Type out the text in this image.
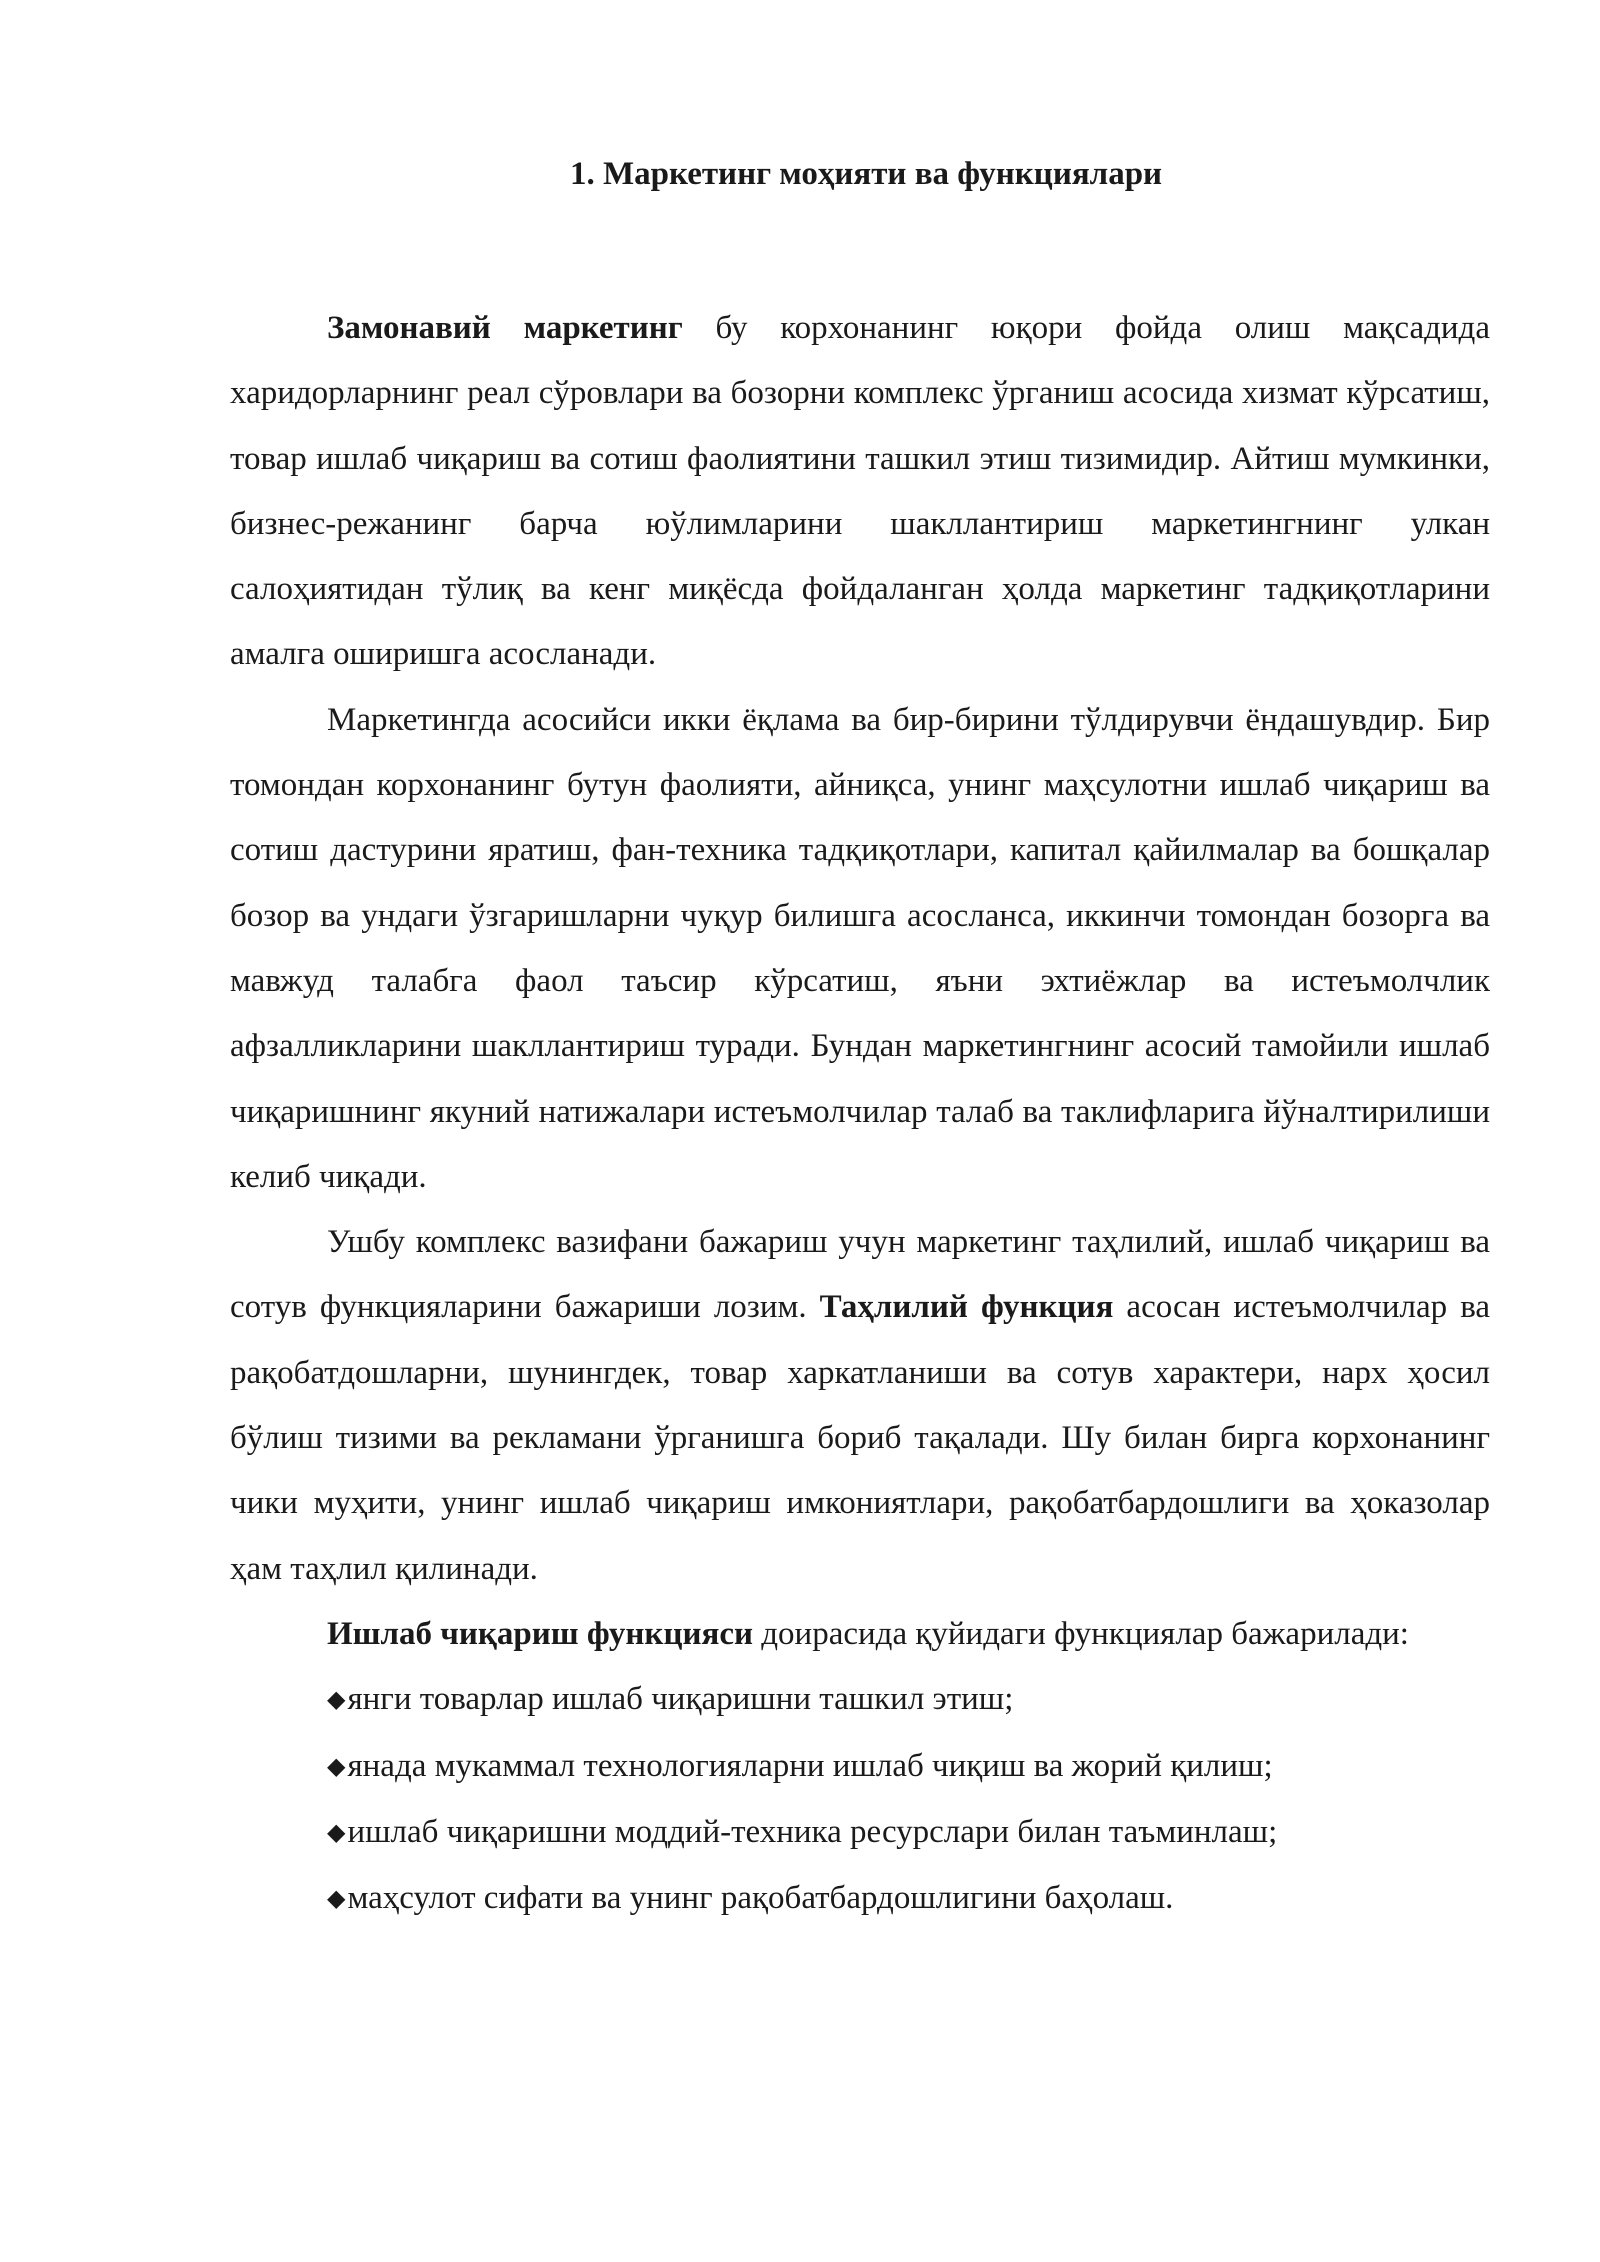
1. Маркетинг моҳияти ва функциялари

Замонавий маркетинг бу корхонанинг юқори фойда олиш мақсадида харидорларнинг реал сўровлари ва бозорни комплекс ўрганиш асосида хизмат кўрсатиш, товар ишлаб чиқариш ва сотиш фаолиятини ташкил этиш тизимидир. Айтиш мумкинки, бизнес-режанинг барча юўлимларини шакллантириш маркетингнинг улкан салоҳиятидан тўлиқ ва кенг миқёсда фойдаланган ҳолда маркетинг тадқиқотларини амалга оширишга асосланади.

Маркетингда асосийси икки ёқлама ва бир-бирини тўлдирувчи ёндашувдир. Бир томондан корхонанинг бутун фаолияти, айниқса, унинг маҳсулотни ишлаб чиқариш ва сотиш дастурини яратиш, фан-техника тадқиқотлари, капитал қайилмалар ва бошқалар бозор ва ундаги ўзгаришларни чуқур билишга асосланса, иккинчи томондан бозорга ва мавжуд талабга фаол таъсир кўрсатиш, яъни эхтиёжлар ва истеъмолчлик афзалликларини шакллантириш туради. Бундан маркетингнинг асосий тамойили ишлаб чиқаришнинг якуний натижалари истеъмолчилар талаб ва таклифларига йўналтирилиши келиб чиқади.

Ушбу комплекс вазифани бажариш учун маркетинг таҳлилий, ишлаб чиқариш ва сотув функцияларини бажариши лозим. Таҳлилий функция асосан истеъмолчилар ва рақобатдошларни, шунингдек, товар харкатланиши ва сотув характери, нарх ҳосил бўлиш тизими ва рекламани ўрганишга бориб тақалади. Шу билан бирга корхонанинг чики муҳити, унинг ишлаб чиқариш имкониятлари, рақобатбардошлиги ва ҳоказолар ҳам таҳлил қилинади.

Ишлаб чиқариш функцияси доирасида қуйидаги функциялар бажарилади:

◆янги товарлар ишлаб чиқаришни ташкил этиш;
◆янада мукаммал технологияларни ишлаб чиқиш ва жорий қилиш;
◆ишлаб чиқаришни моддий-техника ресурслари билан таъминлаш;
◆маҳсулот сифати ва унинг рақобатбардошлигини баҳолаш.
